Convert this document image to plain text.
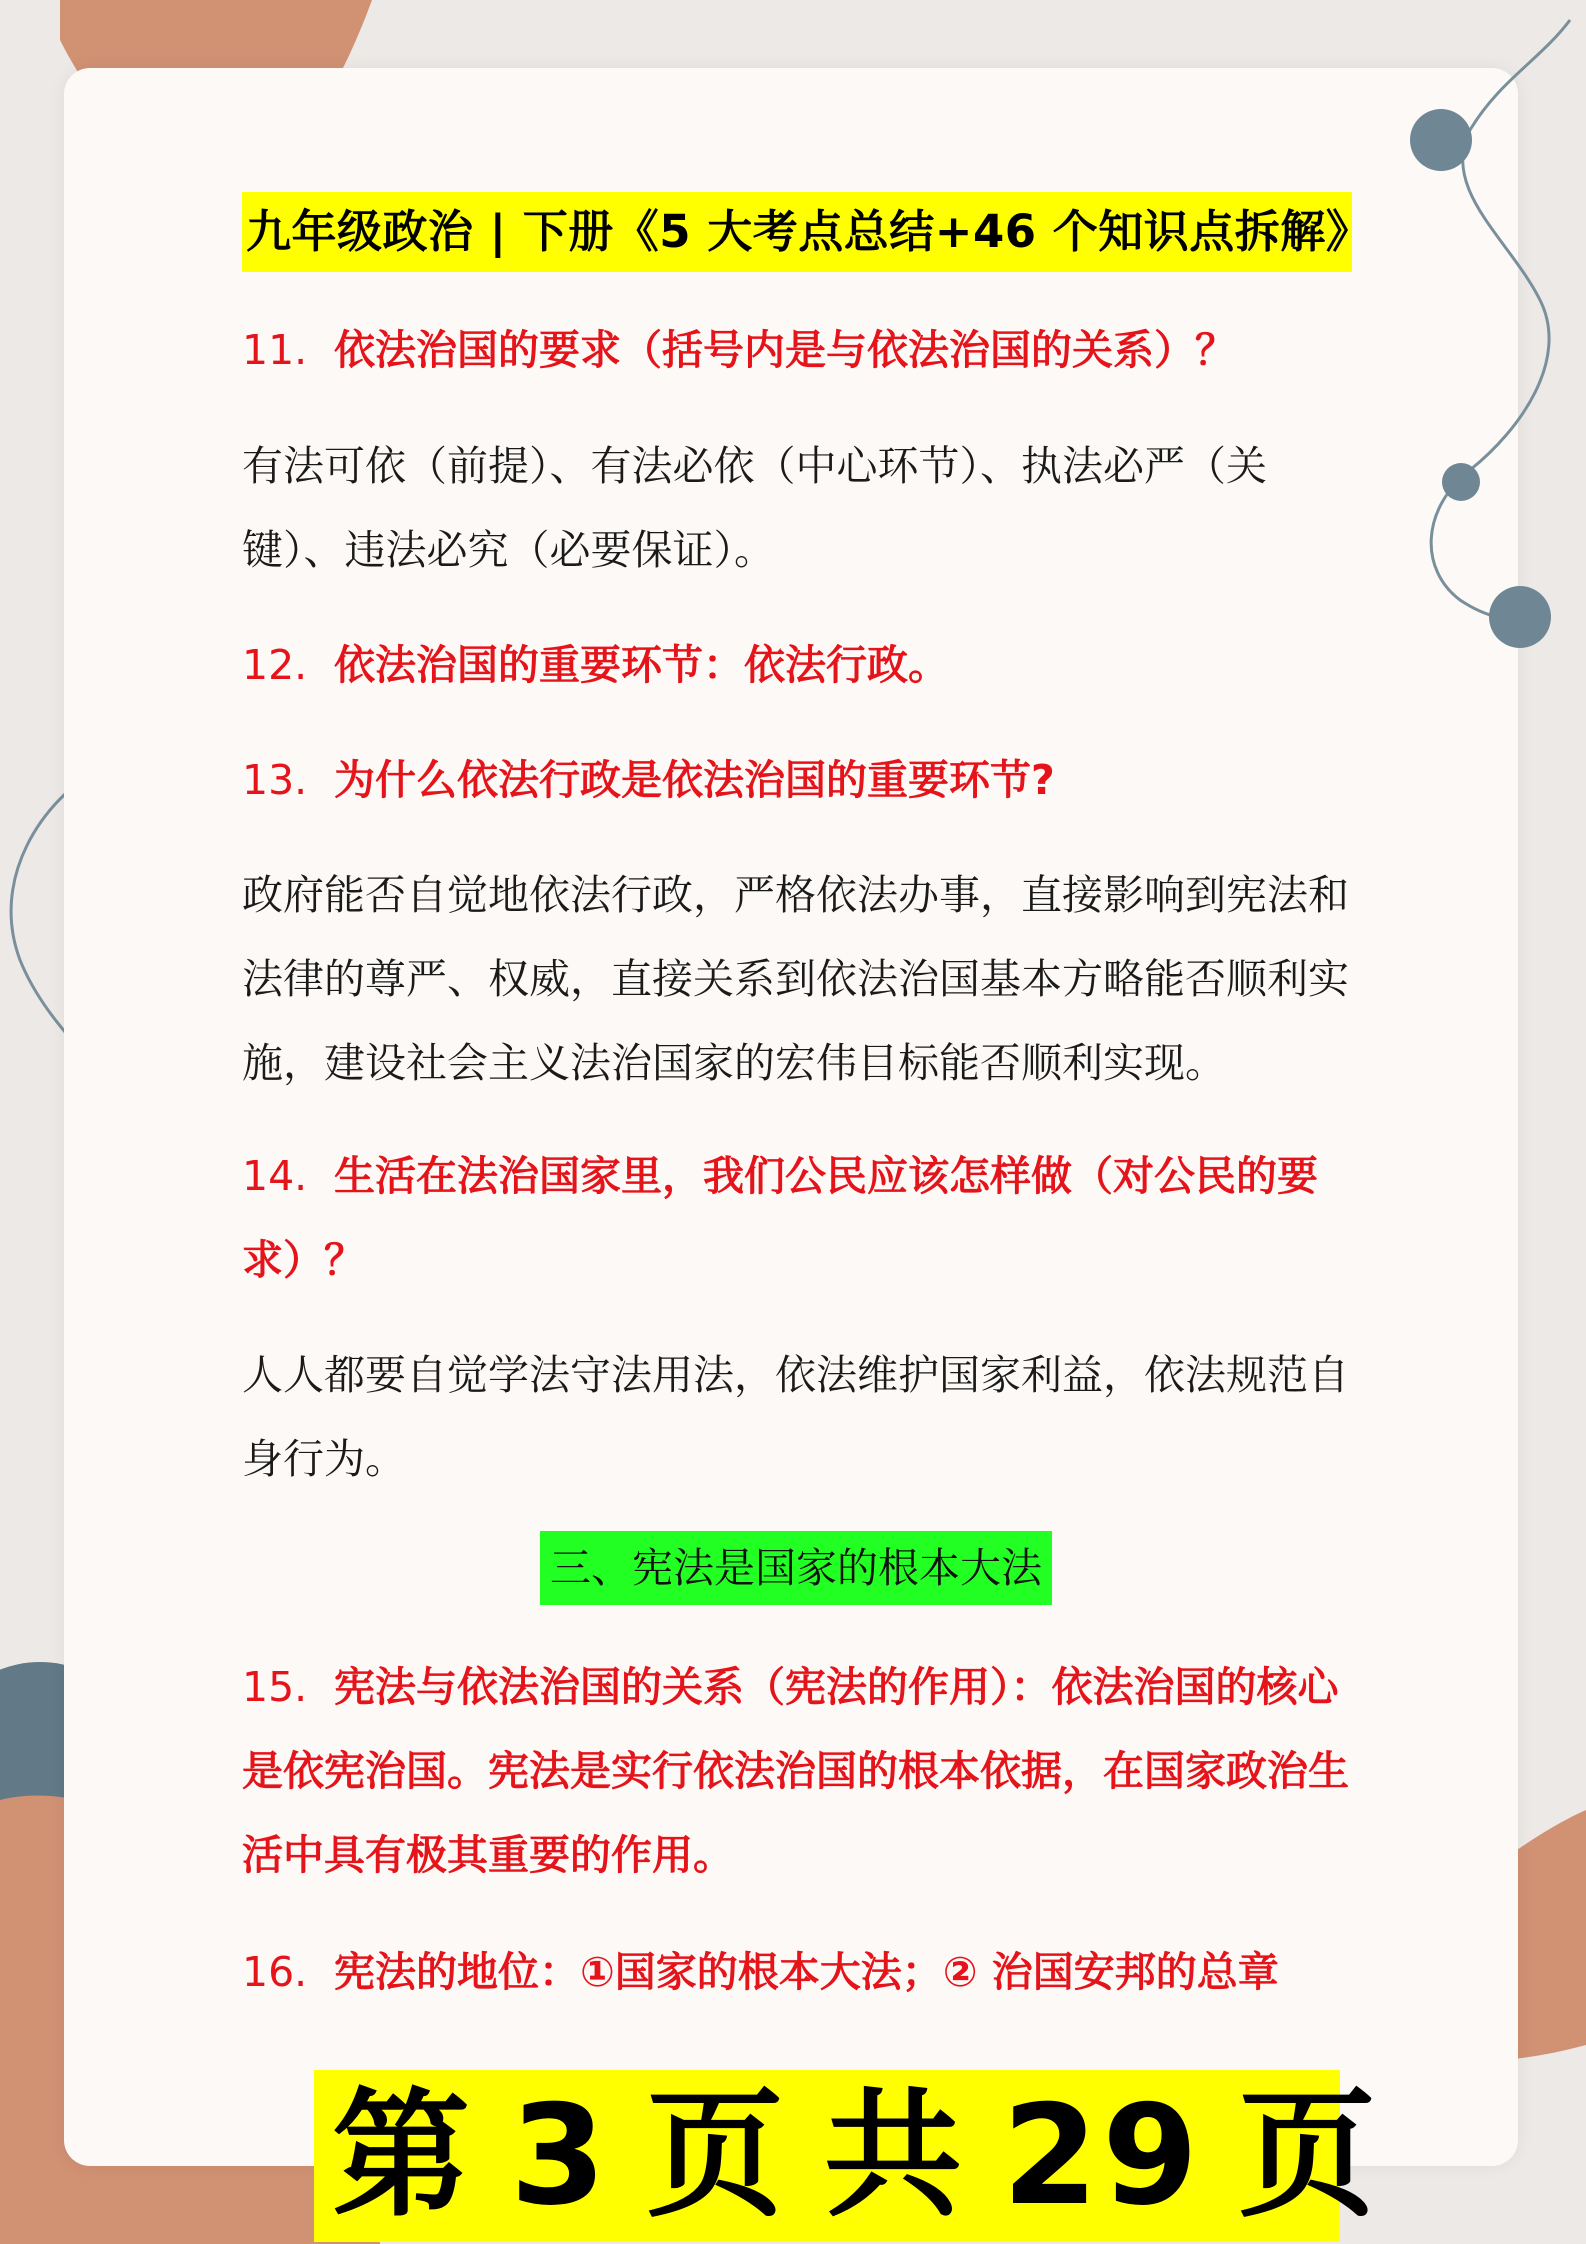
九年级政治 | 下册《5 大考点总结+46 个知识点拆解》
11. 依法治国的要求（括号内是与依法治国的关系）？
有法可依（前提）、有法必依（中心环节）、执法必严（关键）、违法必究（必要保证）。
12. 依法治国的重要环节：依法行政。
13. 为什么依法行政是依法治国的重要环节?
政府能否自觉地依法行政，严格依法办事，直接影响到宪法和法律的尊严、权威，直接关系到依法治国基本方略能否顺利实施，建设社会主义法治国家的宏伟目标能否顺利实现。
14. 生活在法治国家里，我们公民应该怎样做（对公民的要求）？
人人都要自觉学法守法用法，依法维护国家利益，依法规范自身行为。
三、宪法是国家的根本大法
15. 宪法与依法治国的关系（宪法的作用）：依法治国的核心是依宪治国。宪法是实行依法治国的根本依据，在国家政治生活中具有极其重要的作用。
16. 宪法的地位：①国家的根本大法；② 治国安邦的总章
第 3 页 共 29 页
